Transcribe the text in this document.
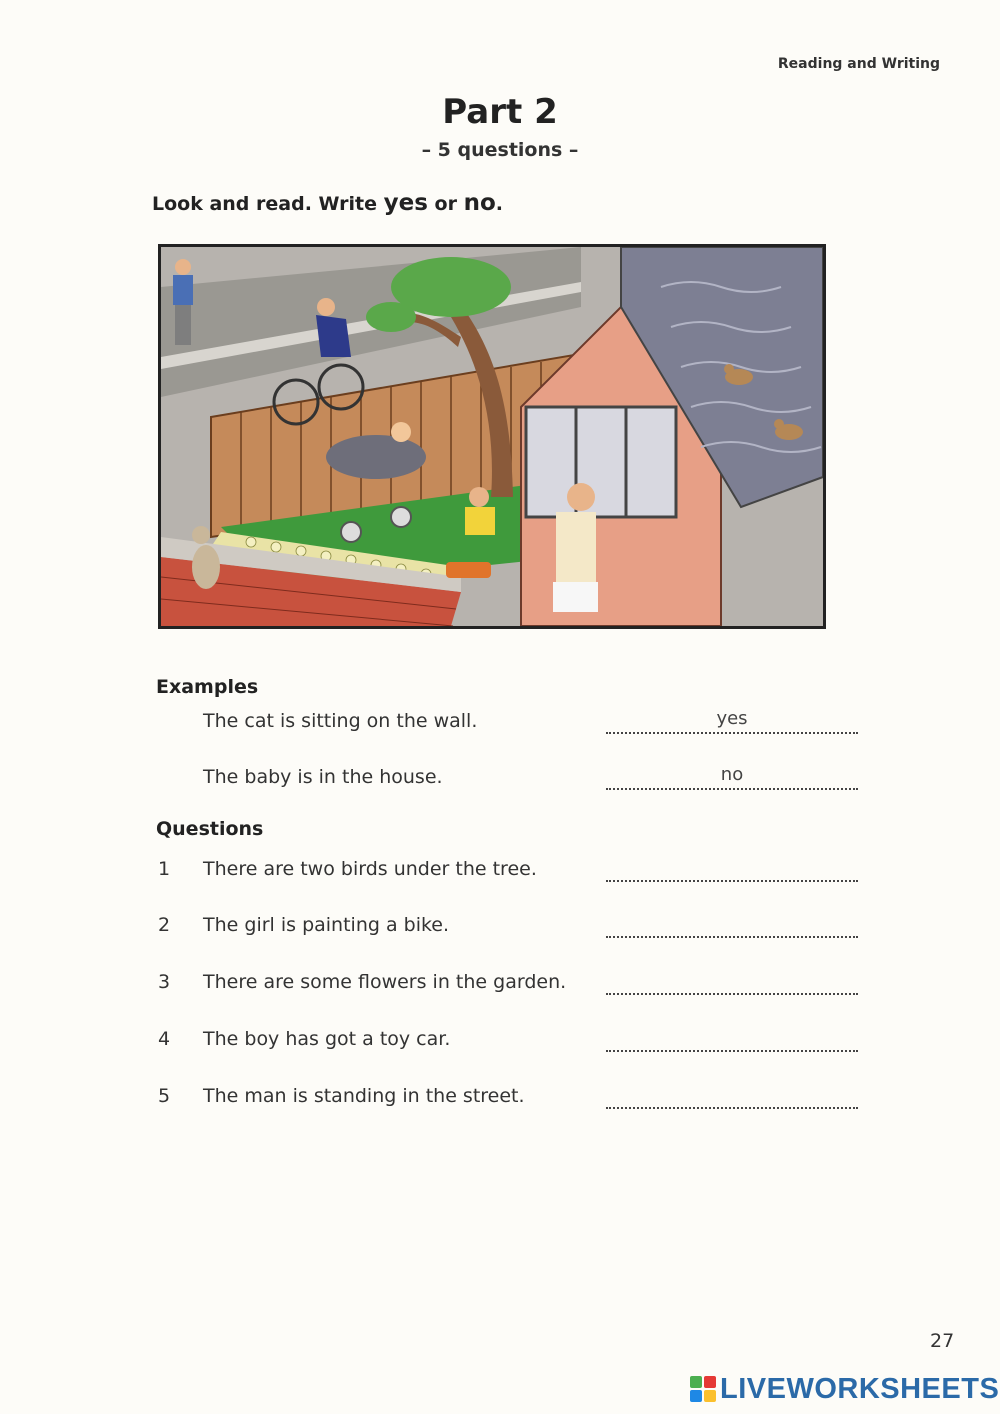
Reading and Writing
Part 2
– 5 questions –
Look and read. Write yes or no.
Examples
The cat is sitting on the wall.	yes
The baby is in the house.	no
Questions
1 There are two birds under the tree.
2 The girl is painting a bike.
3 There are some flowers in the garden.
4 The boy has got a toy car.
5 The man is standing in the street.
27
LIVEWORKSHEETS
